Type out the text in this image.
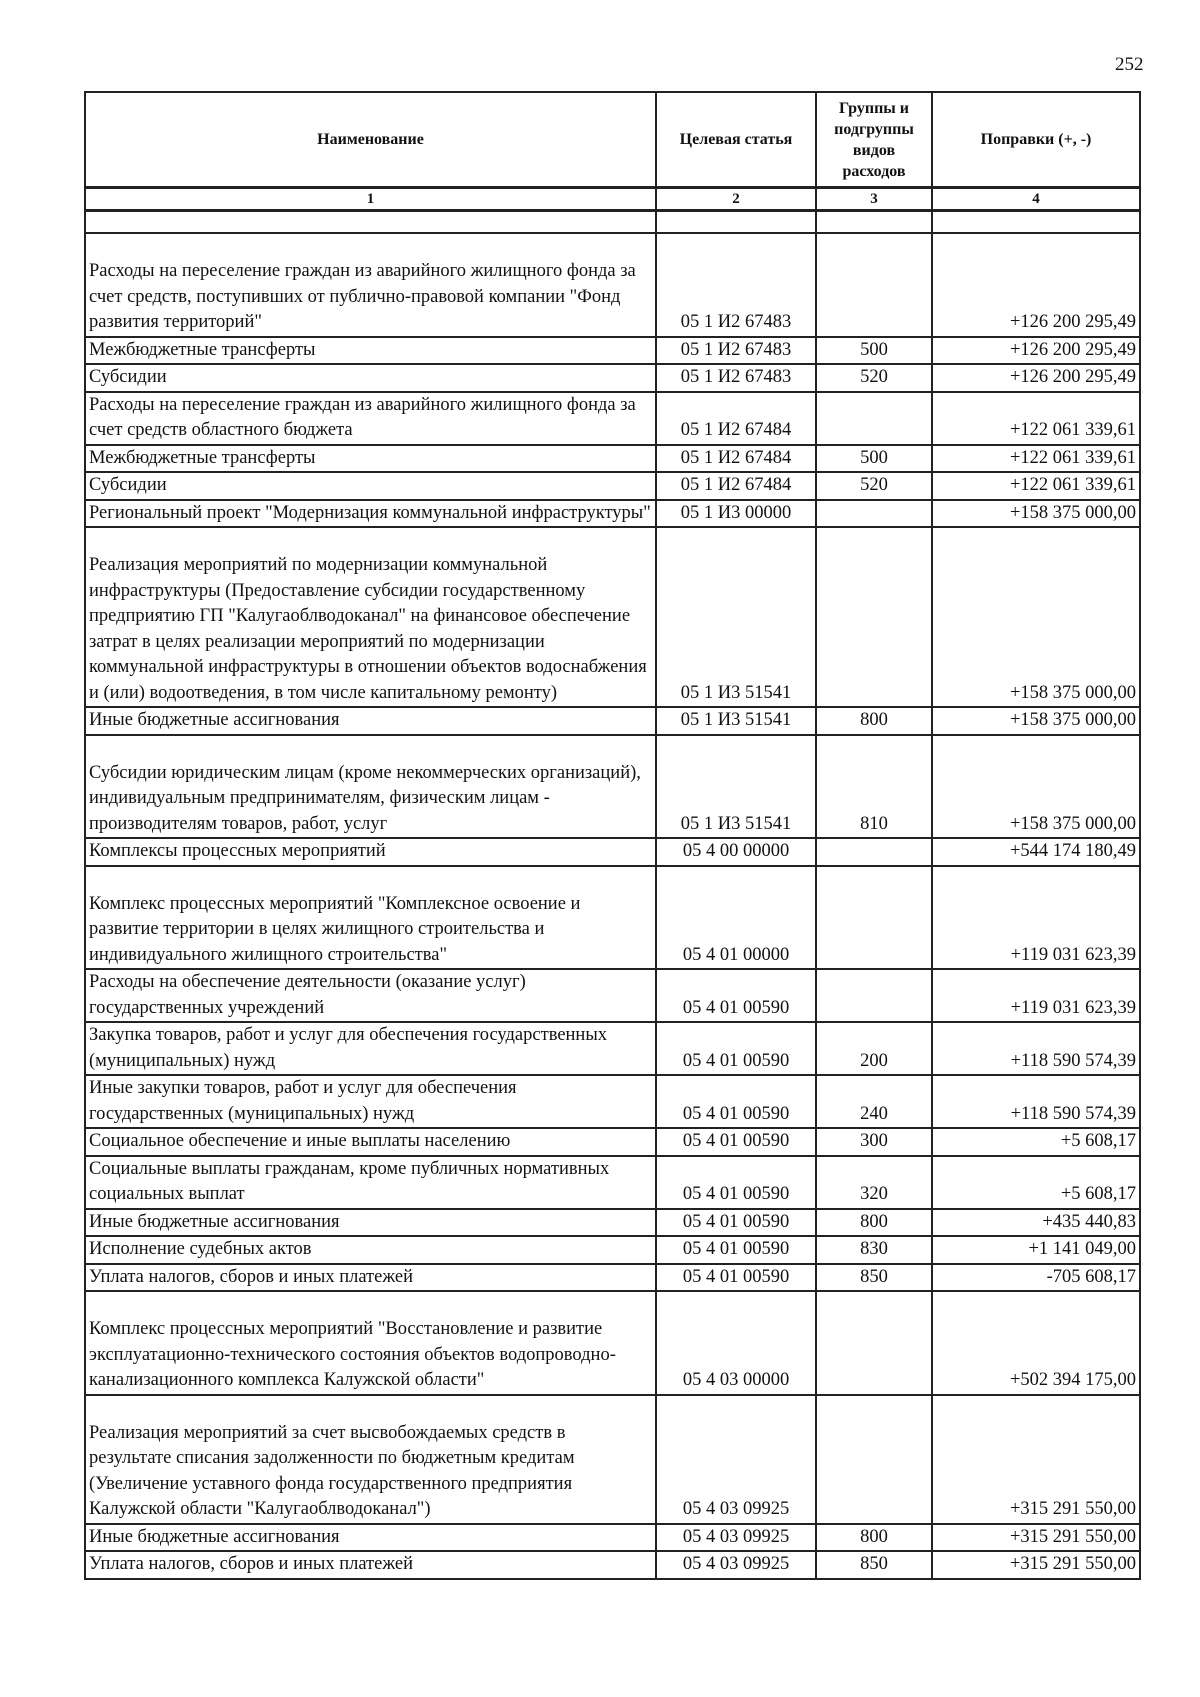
252
Наименование	Целевая статья	Группы и подгруппы видов расходов	Поправки (+, -)
1	2	3	4

Расходы на переселение граждан из аварийного жилищного фонда за счет средств, поступивших от публично-правовой компании "Фонд развития территорий"	05 1 И2 67483		+126 200 295,49
Межбюджетные трансферты	05 1 И2 67483	500	+126 200 295,49
Субсидии	05 1 И2 67483	520	+126 200 295,49
Расходы на переселение граждан из аварийного жилищного фонда за счет средств областного бюджета	05 1 И2 67484		+122 061 339,61
Межбюджетные трансферты	05 1 И2 67484	500	+122 061 339,61
Субсидии	05 1 И2 67484	520	+122 061 339,61
Региональный проект "Модернизация коммунальной инфраструктуры"	05 1 И3 00000		+158 375 000,00
Реализация мероприятий по модернизации коммунальной инфраструктуры (Предоставление субсидии государственному предприятию ГП "Калугаоблводоканал" на финансовое обеспечение затрат в целях реализации мероприятий по модернизации коммунальной инфраструктуры в отношении объектов водоснабжения и (или) водоотведения, в том числе капитальному ремонту)	05 1 И3 51541		+158 375 000,00
Иные бюджетные ассигнования	05 1 И3 51541	800	+158 375 000,00
Субсидии юридическим лицам (кроме некоммерческих организаций), индивидуальным предпринимателям, физическим лицам - производителям товаров, работ, услуг	05 1 И3 51541	810	+158 375 000,00
Комплексы процессных мероприятий	05 4 00 00000		+544 174 180,49
Комплекс процессных мероприятий "Комплексное освоение и развитие территории в целях жилищного строительства и индивидуального жилищного строительства"	05 4 01 00000		+119 031 623,39
Расходы на обеспечение деятельности (оказание услуг) государственных учреждений	05 4 01 00590		+119 031 623,39
Закупка товаров, работ и услуг для обеспечения государственных (муниципальных) нужд	05 4 01 00590	200	+118 590 574,39
Иные закупки товаров, работ и услуг для обеспечения государственных (муниципальных) нужд	05 4 01 00590	240	+118 590 574,39
Социальное обеспечение и иные выплаты населению	05 4 01 00590	300	+5 608,17
Социальные выплаты гражданам, кроме публичных нормативных социальных выплат	05 4 01 00590	320	+5 608,17
Иные бюджетные ассигнования	05 4 01 00590	800	+435 440,83
Исполнение судебных актов	05 4 01 00590	830	+1 141 049,00
Уплата налогов, сборов и иных платежей	05 4 01 00590	850	-705 608,17
Комплекс процессных мероприятий "Восстановление и развитие эксплуатационно-технического состояния объектов водопроводно-канализационного комплекса Калужской области"	05 4 03 00000		+502 394 175,00
Реализация мероприятий за счет высвобождаемых средств в результате списания задолженности по бюджетным кредитам (Увеличение уставного фонда государственного предприятия Калужской области "Калугаоблводоканал")	05 4 03 09925		+315 291 550,00
Иные бюджетные ассигнования	05 4 03 09925	800	+315 291 550,00
Уплата налогов, сборов и иных платежей	05 4 03 09925	850	+315 291 550,00
